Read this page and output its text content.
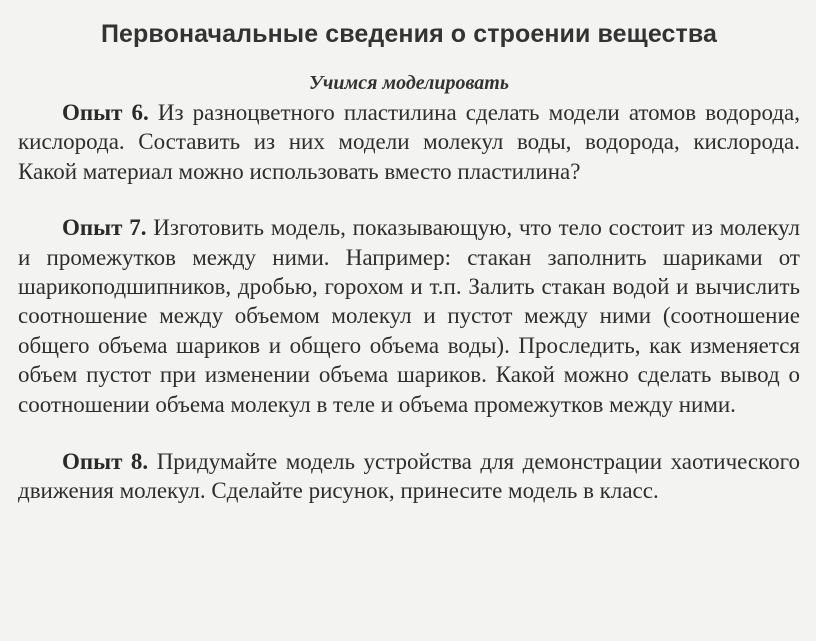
Первоначальные сведения о строении вещества
Учимся моделировать

Опыт 6. Из разноцветного пластилина сделать модели атомов водорода, кислорода. Составить из них модели молекул воды, водорода, кислорода. Какой материал можно использовать вместо пластилина?

Опыт 7. Изготовить модель, показывающую, что тело состоит из молекул и промежутков между ними. Например: стакан заполнить шариками от шарикоподшипников, дробью, горохом и т.п. Залить стакан водой и вычислить соотношение между объемом молекул и пустот между ними (соотношение общего объема шариков и общего объема воды). Проследить, как изменяется объем пустот при изменении объема шариков. Какой можно сделать вывод о соотношении объема молекул в теле и объема промежутков между ними.

Опыт 8. Придумайте модель устройства для демонстрации хаотического движения молекул. Сделайте рисунок, принесите модель в класс.
